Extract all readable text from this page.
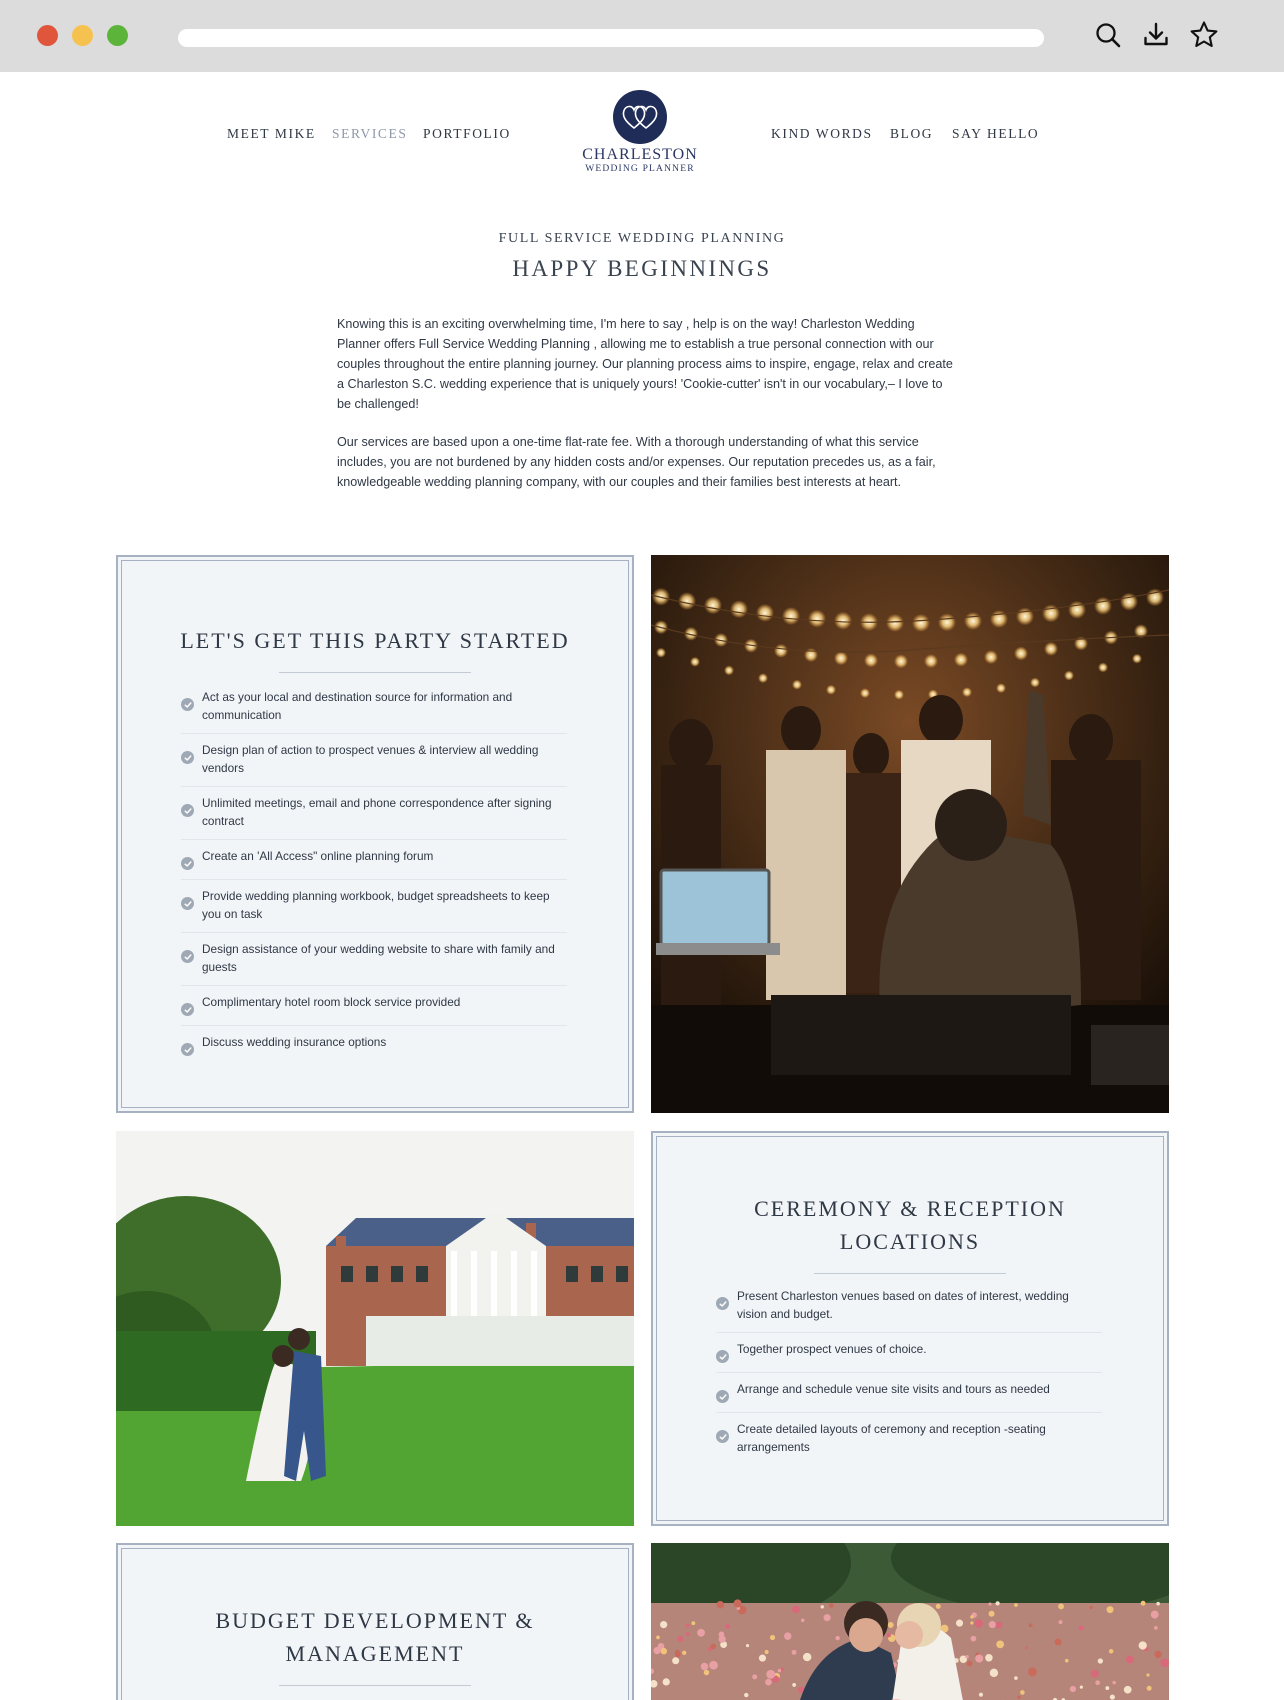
MEET MIKE SERVICES PORTFOLIO	KIND WORDS BLOG SAY HELLO
CHARLESTON
WEDDING PLANNER
FULL SERVICE WEDDING PLANNING
HAPPY BEGINNINGS

Knowing this is an exciting overwhelming time, I'm here to say , help is on the way! Charleston Wedding Planner offers Full Service Wedding Planning , allowing me to establish a true personal connection with our couples throughout the entire planning journey. Our planning process aims to inspire, engage, relax and create a Charleston S.C. wedding experience that is uniquely yours! 'Cookie-cutter' isn't in our vocabulary,– I love to be challenged!

Our services are based upon a one-time flat-rate fee. With a thorough understanding of what this service includes, you are not burdened by any hidden costs and/or expenses. Our reputation precedes us, as a fair, knowledgeable wedding planning company, with our couples and their families best interests at heart.

LET'S GET THIS PARTY STARTED
Act as your local and destination source for information and communication
Design plan of action to prospect venues & interview all wedding vendors
Unlimited meetings, email and phone correspondence after signing contract
Create an 'All Access" online planning forum
Provide wedding planning workbook, budget spreadsheets to keep you on task
Design assistance of your wedding website to share with family and guests
Complimentary hotel room block service provided
Discuss wedding insurance options
CEREMONY & RECEPTION
LOCATIONS
Present Charleston venues based on dates of interest, wedding vision and budget.
Together prospect venues of choice.
Arrange and schedule venue site visits and tours as needed
Create detailed layouts of ceremony and reception -seating arrangements
BUDGET DEVELOPMENT &
MANAGEMENT
